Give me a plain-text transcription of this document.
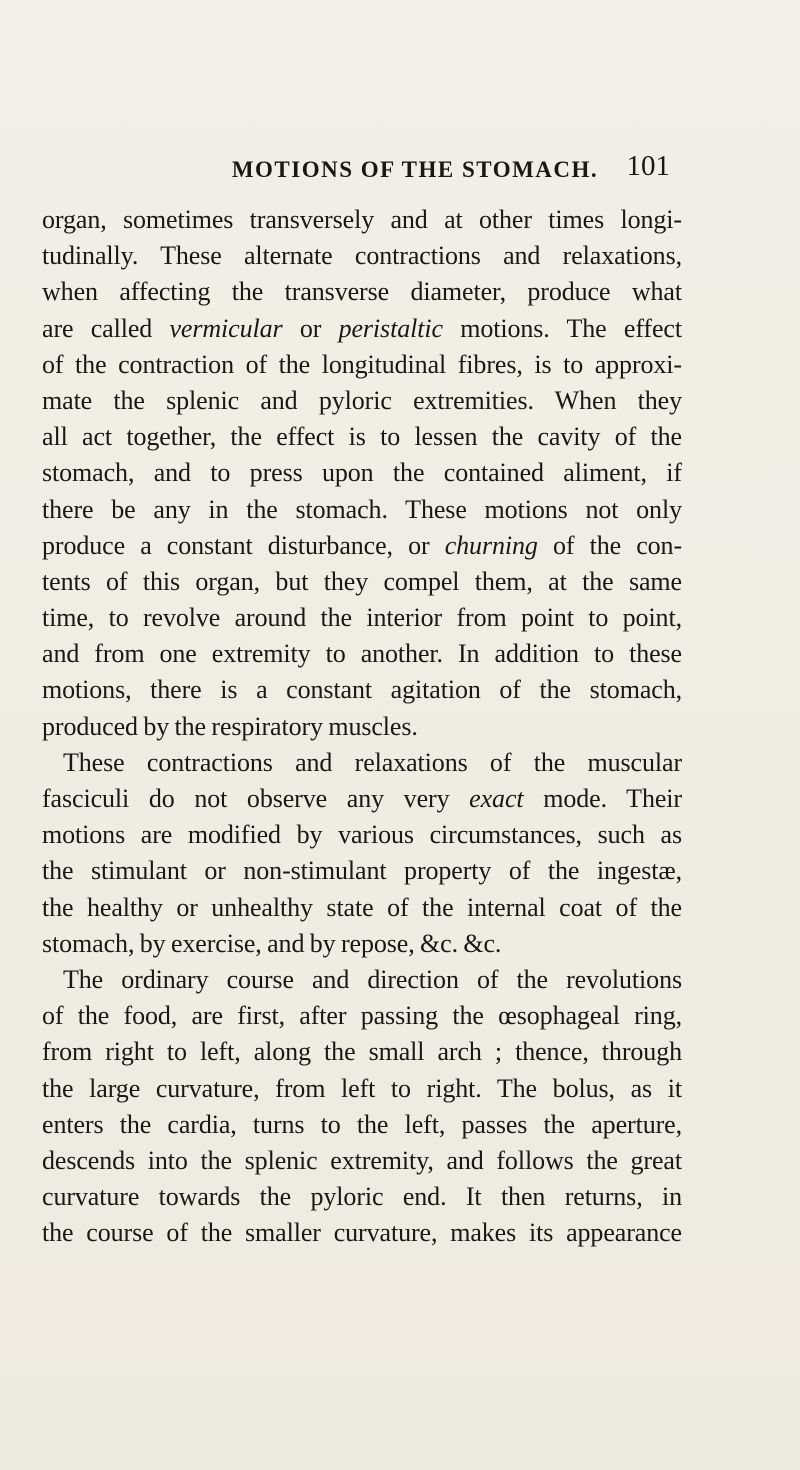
MOTIONS OF THE STOMACH. 101
organ, sometimes transversely and at other times longi-
tudinally. These alternate contractions and relaxations,
when affecting the transverse diameter, produce what
are called vermicular or peristaltic motions. The effect
of the contraction of the longitudinal fibres, is to approxi-
mate the splenic and pyloric extremities. When they
all act together, the effect is to lessen the cavity of the
stomach, and to press upon the contained aliment, if
there be any in the stomach. These motions not only
produce a constant disturbance, or churning of the con-
tents of this organ, but they compel them, at the same
time, to revolve around the interior from point to point,
and from one extremity to another. In addition to these
motions, there is a constant agitation of the stomach,
produced by the respiratory muscles.
These contractions and relaxations of the muscular
fasciculi do not observe any very exact mode. Their
motions are modified by various circumstances, such as
the stimulant or non-stimulant property of the ingestæ,
the healthy or unhealthy state of the internal coat of the
stomach, by exercise, and by repose, &c. &c.
The ordinary course and direction of the revolutions
of the food, are first, after passing the œsophageal ring,
from right to left, along the small arch ; thence, through
the large curvature, from left to right. The bolus, as it
enters the cardia, turns to the left, passes the aperture,
descends into the splenic extremity, and follows the great
curvature towards the pyloric end. It then returns, in
the course of the smaller curvature, makes its appearance
